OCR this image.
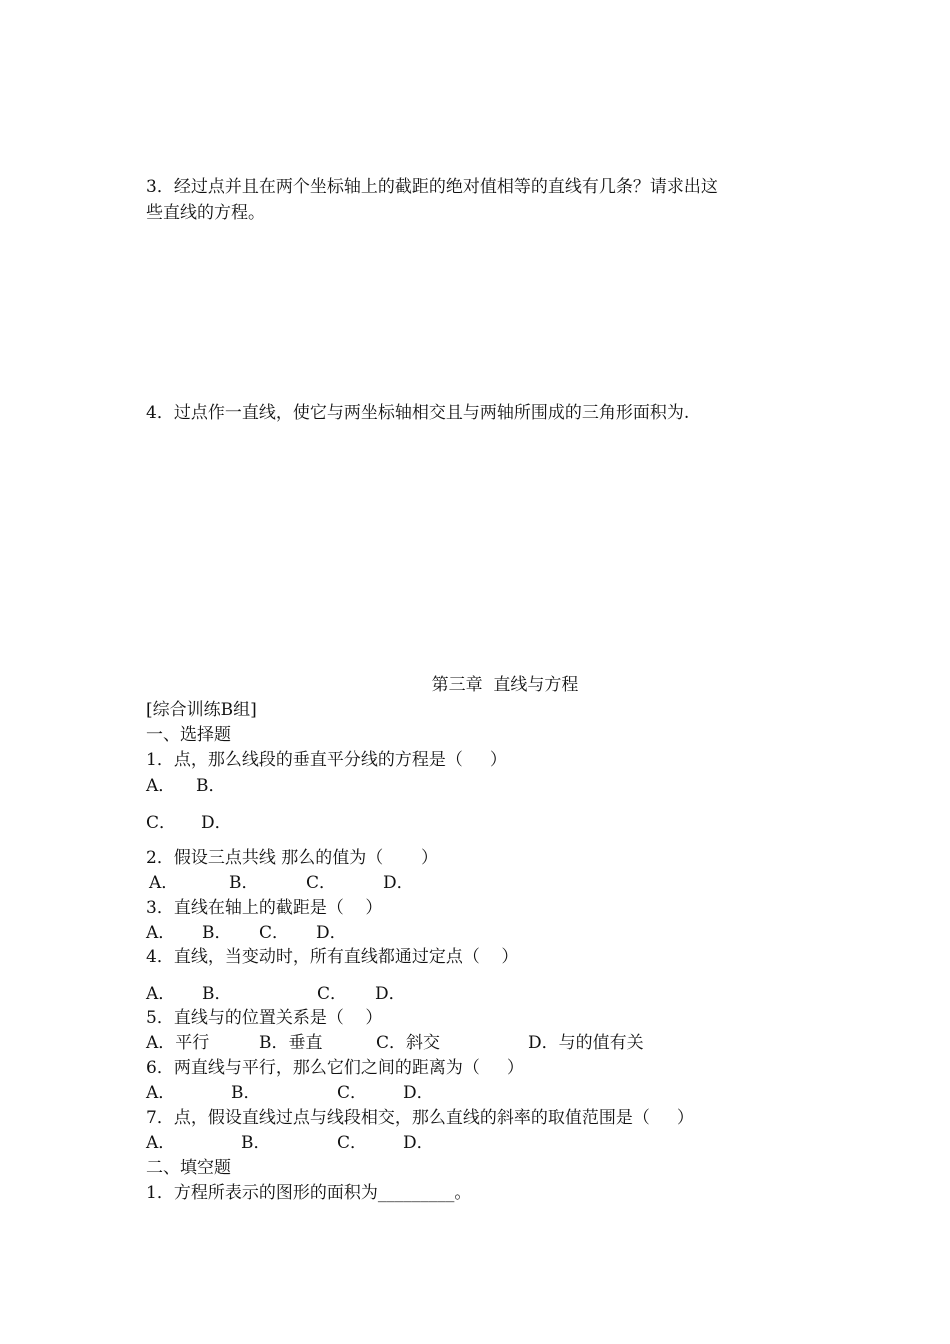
3．经过点并且在两个坐标轴上的截距的绝对值相等的直线有几条？请求出这
些直线的方程。
4．过点作一直线，使它与两坐标轴相交且与两轴所围成的三角形面积为.
第三章  直线与方程
[综合训练B组]
一、选择题
1．点，那么线段的垂直平分线的方程是（     ）
A． B．
C． D．
2．假设三点共线 那么的值为（       ）
A．	B．	C．	D．
3．直线在轴上的截距是（    ）
A． B． C． D．
4．直线，当变动时，所有直线都通过定点（    ）
A． B．	C． D．
5．直线与的位置关系是（    ）
A．平行	B．垂直	C．斜交	D．与的值有关
6．两直线与平行，那么它们之间的距离为（     ）
A．	B．	C． D．
7．点，假设直线过点与线段相交，那么直线的斜率的取值范围是（     ）
A．	B．	C． D．
二、填空题
1．方程所表示的图形的面积为_________。
